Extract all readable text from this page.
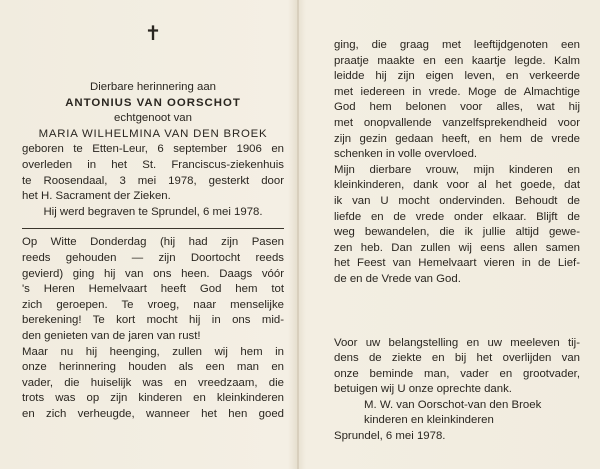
✝

Dierbare herinnering aan

ANTONIUS VAN OORSCHOT

echtgenoot van

MARIA WILHELMINA VAN DEN BROEK

geboren te Etten-Leur, 6 september 1906 en
overleden in het St. Franciscus-ziekenhuis
te Roosendaal, 3 mei 1978, gesterkt door
het H. Sacrament der Zieken.

Hij werd begraven te Sprundel, 6 mei 1978.

Op Witte Donderdag (hij had zijn Pasen
reeds gehouden — zijn Doortocht reeds
gevierd) ging hij van ons heen. Daags vóór
's Heren Hemelvaart heeft God hem tot
zich geroepen. Te vroeg, naar menselijke
berekening! Te kort mocht hij in ons mid-
den genieten van de jaren van rust!
Maar nu hij heenging, zullen wij hem in
onze herinnering houden als een man en
vader, die huiselijk was en vreedzaam, die
trots was op zijn kinderen en kleinkinderen
en zich verheugde, wanneer het hen goed
ging, die graag met leeftijdgenoten een
praatje maakte en een kaartje legde. Kalm
leidde hij zijn eigen leven, en verkeerde
met iedereen in vrede. Moge de Almachtige
God hem belonen voor alles, wat hij
met onopvallende vanzelfsprekendheid voor
zijn gezin gedaan heeft, en hem de vrede
schenken in volle overvloed.
Mijn dierbare vrouw, mijn kinderen en
kleinkinderen, dank voor al het goede, dat
ik van U mocht ondervinden. Behoudt de
liefde en de vrede onder elkaar. Blijft de
weg bewandelen, die ik jullie altijd gewe-
zen heb. Dan zullen wij eens allen samen
het Feest van Hemelvaart vieren in de Lief-
de en de Vrede van God.
Voor uw belangstelling en uw meeleven tij-
dens de ziekte en bij het overlijden van
onze beminde man, vader en grootvader,
betuigen wij U onze oprechte dank.

M. W. van Oorschot-van den Broek

kinderen en kleinkinderen

Sprundel, 6 mei 1978.
